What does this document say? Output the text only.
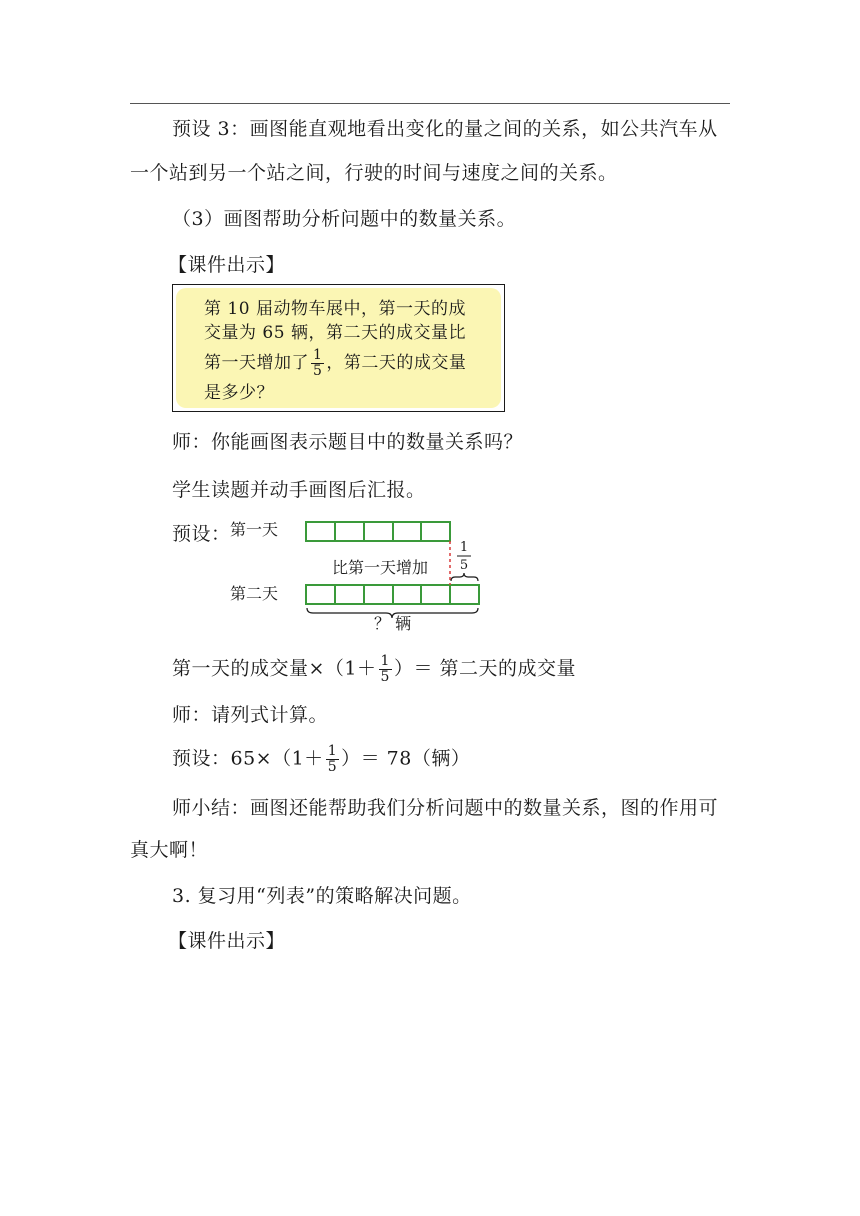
预设 3：画图能直观地看出变化的量之间的关系，如公共汽车从
一个站到另一个站之间，行驶的时间与速度之间的关系。
（3）画图帮助分析问题中的数量关系。
【课件出示】
第 10 届动物车展中，第一天的成
交量为 65 辆，第二天的成交量比
第一天增加了 $\frac{1}{5}$ ，第二天的成交量
是多少？
师：你能画图表示题目中的数量关系吗？
学生读题并动手画图后汇报。
预设： 第一天
第二天
比第一天增加
？ 辆
1
5
第一天的成交量$\times(1+ \frac{1}{5}$ ）＝ 第二天的成交量
师：请列式计算。
预设：$65\times(1+ \frac{1}{5}$ ）＝ 78（辆）
师小结：画图还能帮助我们分析问题中的数量关系，图的作用可
真大啊！
3. 复习用“列表”的策略解决问题。
【课件出示】
